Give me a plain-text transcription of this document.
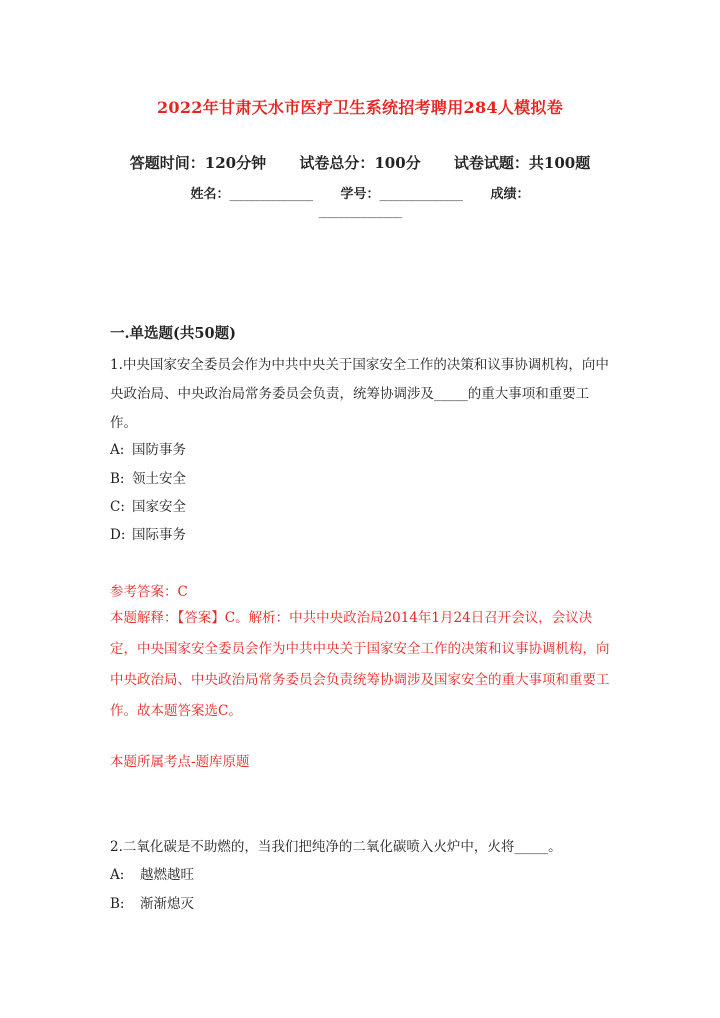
2022年甘肃天水市医疗卫生系统招考聘用284人模拟卷
答题时间：120分钟 试卷总分：100分 试卷试题：共100题
姓名：_______________ 学号：_______________ 成绩：
_______________
一.单选题(共50题)
1.中央国家安全委员会作为中共中央关于国家安全工作的决策和议事协调机构，向中央政治局、中央政治局常务委员会负责，统筹协调涉及_____的重大事项和重要工作。
A: 国防事务
B: 领土安全
C: 国家安全
D: 国际事务
参考答案：C
本题解释：【答案】C。解析：中共中央政治局2014年1月24日召开会议，会议决定，中央国家安全委员会作为中共中央关于国家安全工作的决策和议事协调机构，向中央政治局、中央政治局常务委员会负责统筹协调涉及国家安全的重大事项和重要工作。故本题答案选C。
本题所属考点-题库原题
2.二氧化碳是不助燃的，当我们把纯净的二氧化碳喷入火炉中，火将_____。
A: 越燃越旺
B: 渐渐熄灭
